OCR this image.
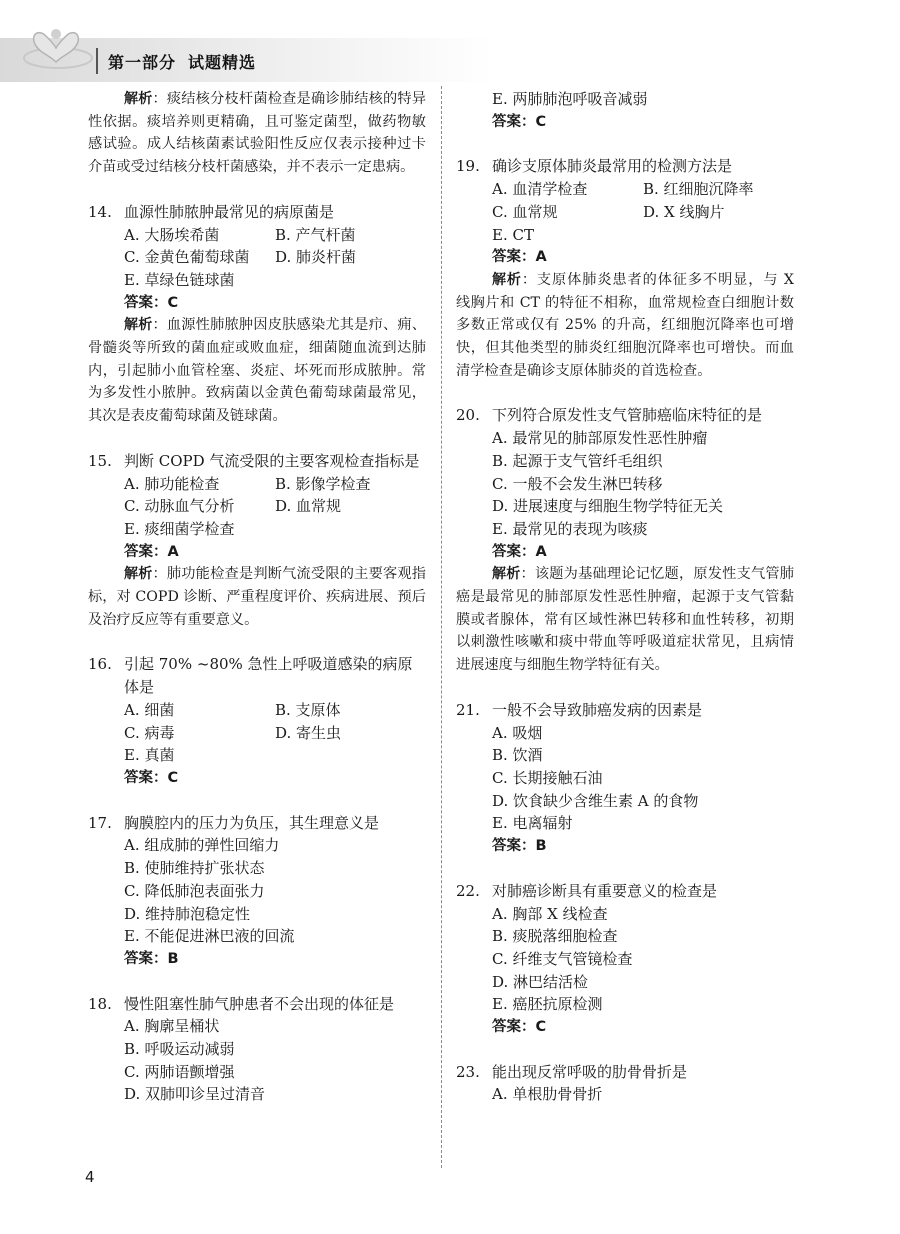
第一部分 试题精选

解析：痰结核分枝杆菌检查是确诊肺结核的特异性依据。痰培养则更精确，且可鉴定菌型，做药物敏感试验。成人结核菌素试验阳性反应仅表示接种过卡介苗或受过结核分枝杆菌感染，并不表示一定患病。

14. 血源性肺脓肿最常见的病原菌是
A. 大肠埃希菌	B. 产气杆菌
C. 金黄色葡萄球菌	D. 肺炎杆菌
E. 草绿色链球菌
答案：C

解析：血源性肺脓肿因皮肤感染尤其是疖、痈、骨髓炎等所致的菌血症或败血症，细菌随血流到达肺内，引起肺小血管栓塞、炎症、坏死而形成脓肿。常为多发性小脓肿。致病菌以金黄色葡萄球菌最常见，其次是表皮葡萄球菌及链球菌。

15. 判断 COPD 气流受限的主要客观检查指标是
A. 肺功能检查	B. 影像学检查
C. 动脉血气分析	D. 血常规
E. 痰细菌学检查
答案：A

解析：肺功能检查是判断气流受限的主要客观指标，对 COPD 诊断、严重程度评价、疾病进展、预后及治疗反应等有重要意义。

16. 引起 70% ~80% 急性上呼吸道感染的病原体是
A. 细菌	B. 支原体
C. 病毒	D. 寄生虫
E. 真菌
答案：C
17. 胸膜腔内的压力为负压，其生理意义是
A. 组成肺的弹性回缩力
B. 使肺维持扩张状态
C. 降低肺泡表面张力
D. 维持肺泡稳定性
E. 不能促进淋巴液的回流
答案：B
18. 慢性阻塞性肺气肿患者不会出现的体征是
A. 胸廓呈桶状
B. 呼吸运动减弱
C. 两肺语颤增强
D. 双肺叩诊呈过清音
E. 两肺肺泡呼吸音减弱
答案：C
19. 确诊支原体肺炎最常用的检测方法是
A. 血清学检查	B. 红细胞沉降率
C. 血常规	D. X 线胸片
E. CT
答案：A

解析：支原体肺炎患者的体征多不明显，与 X 线胸片和 CT 的特征不相称，血常规检查白细胞计数多数正常或仅有 25% 的升高，红细胞沉降率也可增快，但其他类型的肺炎红细胞沉降率也可增快。而血清学检查是确诊支原体肺炎的首选检查。

20. 下列符合原发性支气管肺癌临床特征的是
A. 最常见的肺部原发性恶性肿瘤
B. 起源于支气管纤毛组织
C. 一般不会发生淋巴转移
D. 进展速度与细胞生物学特征无关
E. 最常见的表现为咳痰
答案：A

解析：该题为基础理论记忆题，原发性支气管肺癌是最常见的肺部原发性恶性肿瘤，起源于支气管黏膜或者腺体，常有区域性淋巴转移和血性转移，初期以刺激性咳嗽和痰中带血等呼吸道症状常见，且病情进展速度与细胞生物学特征有关。

21. 一般不会导致肺癌发病的因素是
A. 吸烟
B. 饮酒
C. 长期接触石油
D. 饮食缺少含维生素 A 的食物
E. 电离辐射
答案：B
22. 对肺癌诊断具有重要意义的检查是
A. 胸部 X 线检查
B. 痰脱落细胞检查
C. 纤维支气管镜检查
D. 淋巴结活检
E. 癌胚抗原检测
答案：C
23. 能出现反常呼吸的肋骨骨折是
A. 单根肋骨骨折
4
